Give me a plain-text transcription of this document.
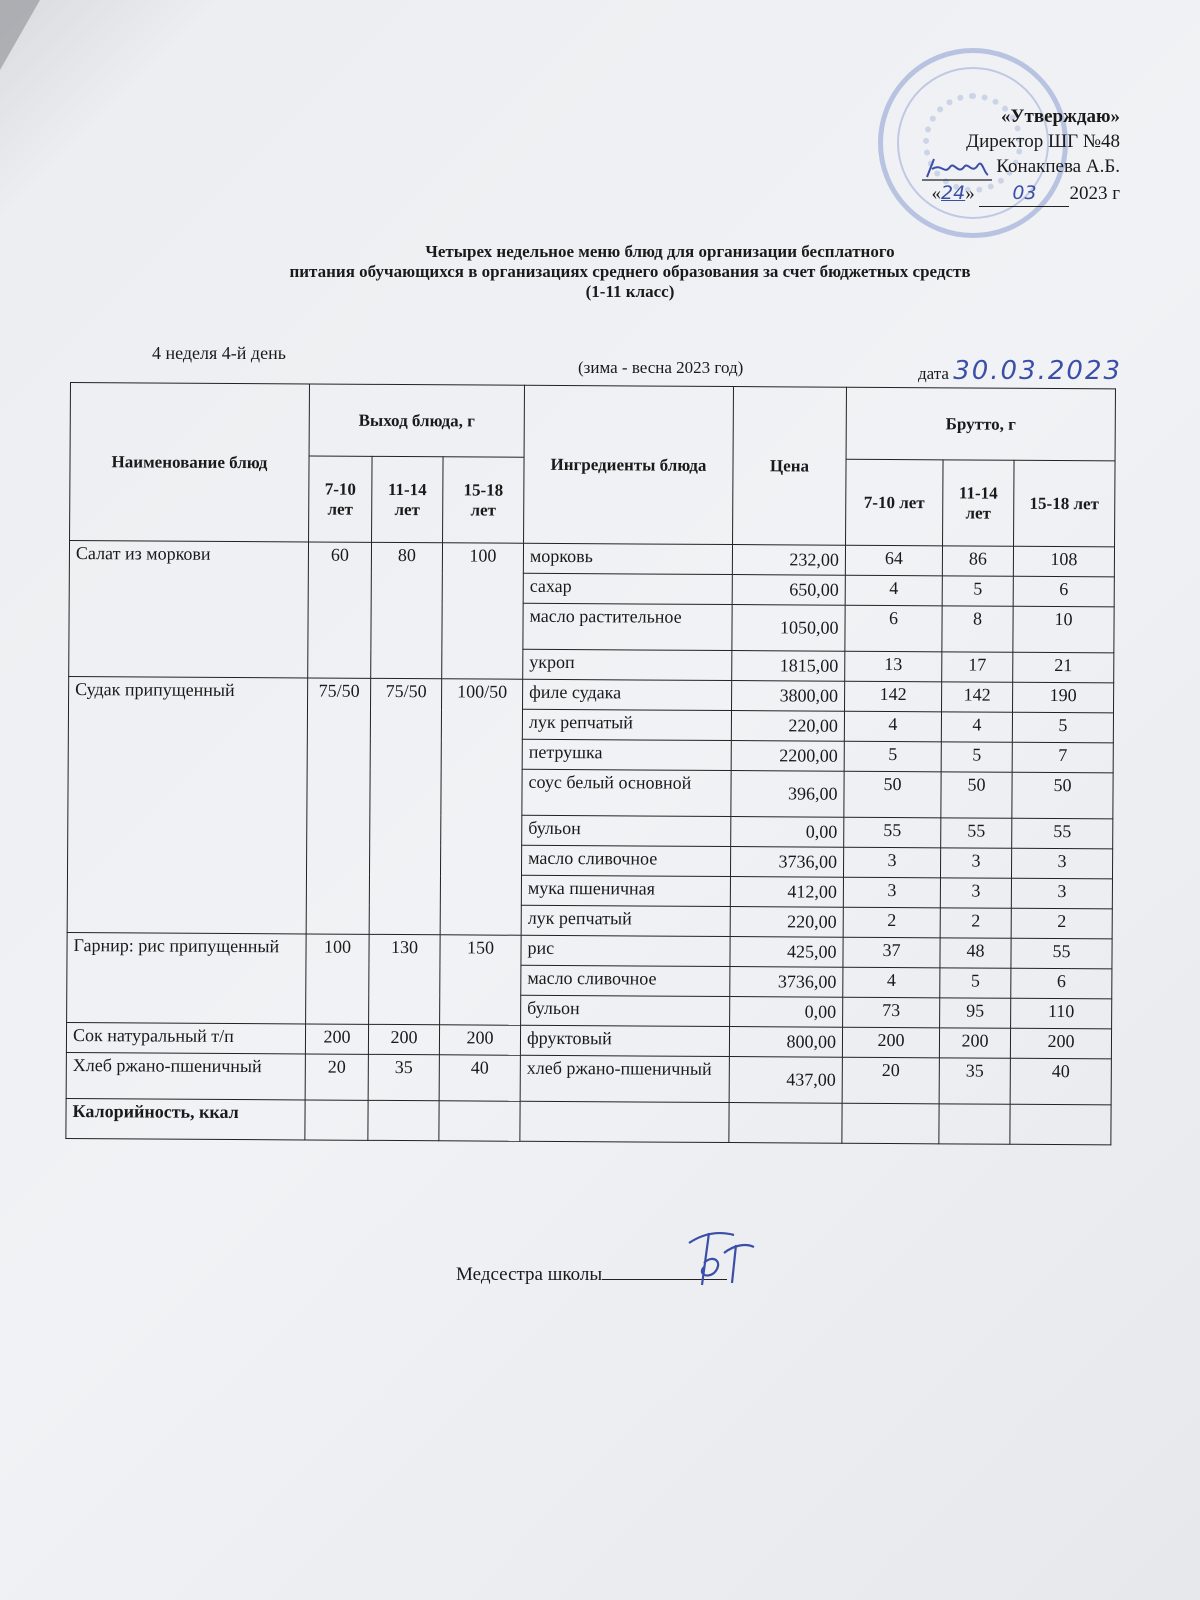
«Утверждаю»
Директор ШГ №48
Конакпева А.Б.
«24» 03 2023 г
Четырех недельное меню блюд для организации бесплатного
питания обучающихся в организациях среднего образования за счет бюджетных средств
(1-11 класс)
4 неделя 4-й день
(зима - весна 2023 год)	дата 30.03.2023
Наименование блюд	Выход блюда, г			Ингредиенты блюда	Цена	Брутто, г		
	7-10 лет	11-14 лет	15-18 лет			7-10 лет	11-14 лет	15-18 лет
Салат из моркови	60	80	100	морковь	232,00	64	86	108
				сахар	650,00	4	5	6
				масло растительное	1050,00	6	8	10
				укроп	1815,00	13	17	21
Судак припущенный	75/50	75/50	100/50	филе судака	3800,00	142	142	190
				лук репчатый	220,00	4	4	5
				петрушка	2200,00	5	5	7
				соус белый основной	396,00	50	50	50
				бульон	0,00	55	55	55
				масло сливочное	3736,00	3	3	3
				мука пшеничная	412,00	3	3	3
				лук репчатый	220,00	2	2	2
Гарнир: рис припущенный	100	130	150	рис	425,00	37	48	55
				масло сливочное	3736,00	4	5	6
				бульон	0,00	73	95	110
Сок натуральный т/п	200	200	200	фруктовый	800,00	200	200	200
Хлеб ржано-пшеничный	20	35	40	хлеб ржано-пшеничный	437,00	20	35	40
Калорийность, ккал								
Медсестра школы
